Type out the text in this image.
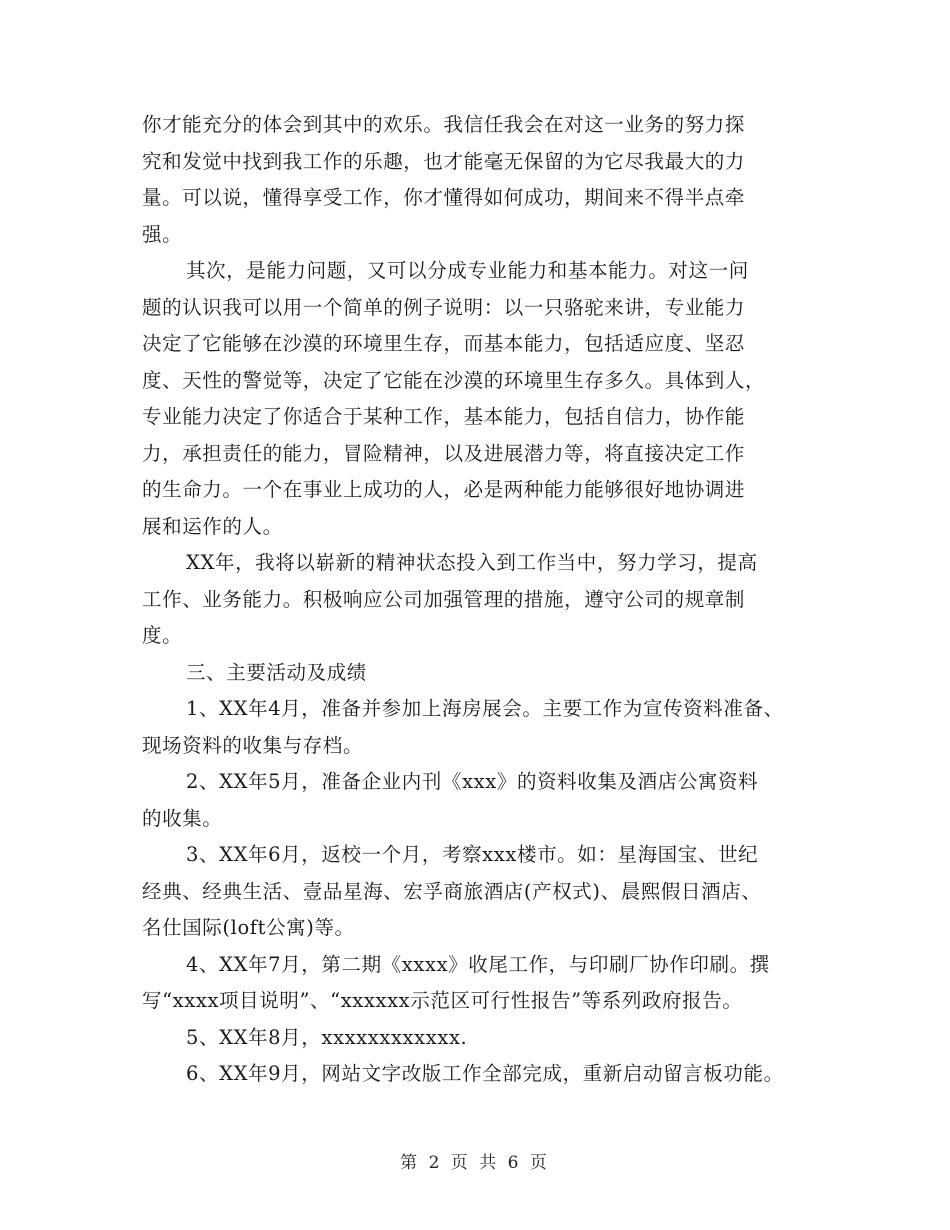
你才能充分的体会到其中的欢乐。我信任我会在对这一业务的努力探
究和发觉中找到我工作的乐趣，也才能毫无保留的为它尽我最大的力
量。可以说，懂得享受工作，你才懂得如何成功，期间来不得半点牵
强。
其次，是能力问题，又可以分成专业能力和基本能力。对这一问
题的认识我可以用一个简单的例子说明：以一只骆驼来讲，专业能力
决定了它能够在沙漠的环境里生存，而基本能力，包括适应度、坚忍
度、天性的警觉等，决定了它能在沙漠的环境里生存多久。具体到人，
专业能力决定了你适合于某种工作，基本能力，包括自信力，协作能
力，承担责任的能力，冒险精神，以及进展潜力等，将直接决定工作
的生命力。一个在事业上成功的人，必是两种能力能够很好地协调进
展和运作的人。
XX年，我将以崭新的精神状态投入到工作当中，努力学习，提高
工作、业务能力。积极响应公司加强管理的措施，遵守公司的规章制
度。
三、主要活动及成绩
1、XX年4月，准备并参加上海房展会。主要工作为宣传资料准备、
现场资料的收集与存档。
2、XX年5月，准备企业内刊《xxx》的资料收集及酒店公寓资料
的收集。
3、XX年6月，返校一个月，考察xxx楼市。如：星海国宝、世纪
经典、经典生活、壹品星海、宏孚商旅酒店(产权式)、晨熙假日酒店、
名仕国际(loft公寓)等。
4、XX年7月，第二期《xxxx》收尾工作，与印刷厂协作印刷。撰
写“xxxx项目说明”、“xxxxxx示范区可行性报告”等系列政府报告。
5、XX年8月，xxxxxxxxxxxx.
6、XX年9月，网站文字改版工作全部完成，重新启动留言板功能。
第 2 页 共 6 页
